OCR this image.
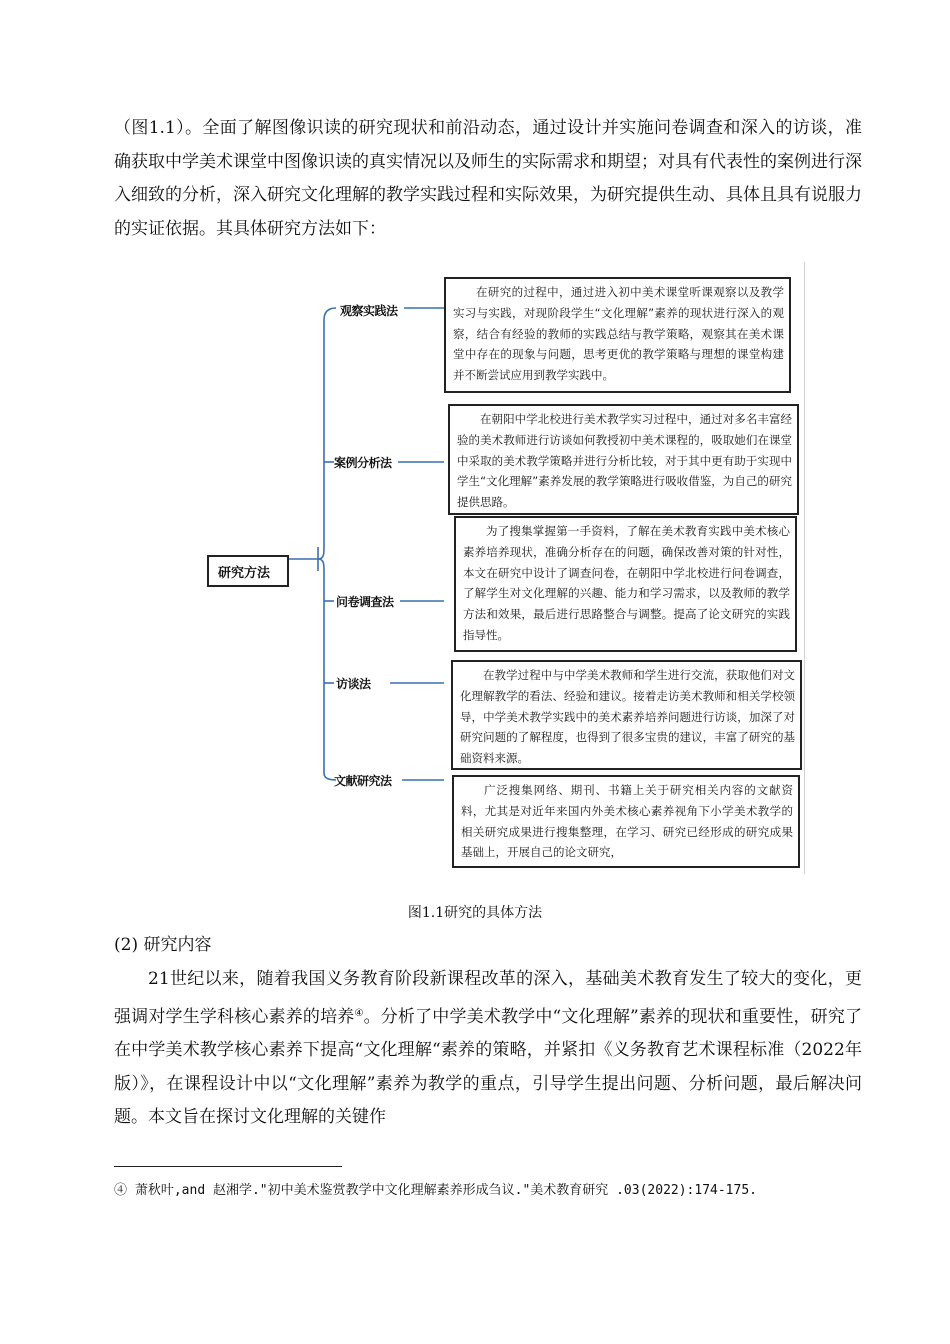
（图1.1）。全面了解图像识读的研究现状和前沿动态，通过设计并实施问卷调查和深入的访谈，准确获取中学美术课堂中图像识读的真实情况以及师生的实际需求和期望；对具有代表性的案例进行深入细致的分析，深入研究文化理解的教学实践过程和实际效果，为研究提供生动、具体且具有说服力的实证依据。其具体研究方法如下：

研究方法
观察实践法
案例分析法
问卷调查法
访谈法
文献研究法
在研究的过程中，通过进入初中美术课堂听课观察以及教学实习与实践，对现阶段学生“文化理解”素养的现状进行深入的观察，结合有经验的教师的实践总结与教学策略，观察其在美术课堂中存在的现象与问题，思考更优的教学策略与理想的课堂构建并不断尝试应用到教学实践中。
在朝阳中学北校进行美术教学实习过程中，通过对多名丰富经验的美术教师进行访谈如何教授初中美术课程的，吸取她们在课堂中采取的美术教学策略并进行分析比较，对于其中更有助于实现中学生“文化理解”素养发展的教学策略进行吸收借鉴，为自己的研究提供思路。
为了搜集掌握第一手资料，了解在美术教育实践中美术核心素养培养现状，准确分析存在的问题，确保改善对策的针对性，本文在研究中设计了调查问卷，在朝阳中学北校进行问卷调查，了解学生对文化理解的兴趣、能力和学习需求，以及教师的教学方法和效果，最后进行思路整合与调整。提高了论文研究的实践指导性。
在教学过程中与中学美术教师和学生进行交流，获取他们对文化理解教学的看法、经验和建议。接着走访美术教师和相关学校领导，中学美术教学实践中的美术素养培养问题进行访谈，加深了对研究问题的了解程度，也得到了很多宝贵的建议，丰富了研究的基础资料来源。
广泛搜集网络、期刊、书籍上关于研究相关内容的文献资 料，尤其是对近年来国内外美术核心素养视角下小学美术教学的相关研究成果进行搜集整理，在学习、研究已经形成的研究成果基础上，开展自己的论文研究，
图1.1研究的具体方法

(2) 研究内容

21世纪以来，随着我国义务教育阶段新课程改革的深入，基础美术教育发生了较大的变化，更强调对学生学科核心素养的培养④。分析了中学美术教学中“文化理解”素养的现状和重要性，研究了在中学美术教学核心素养下提高“文化理解“素养的策略，并紧扣《义务教育艺术课程标准（2022年版）》，在课程设计中以“文化理解”素养为教学的重点，引导学生提出问题、分析问题，最后解决问题。本文旨在探讨文化理解的关键作

④ 萧秋叶,and 赵湘学."初中美术鉴赏教学中文化理解素养形成刍议."美术教育研究 .03(2022):174-175.
